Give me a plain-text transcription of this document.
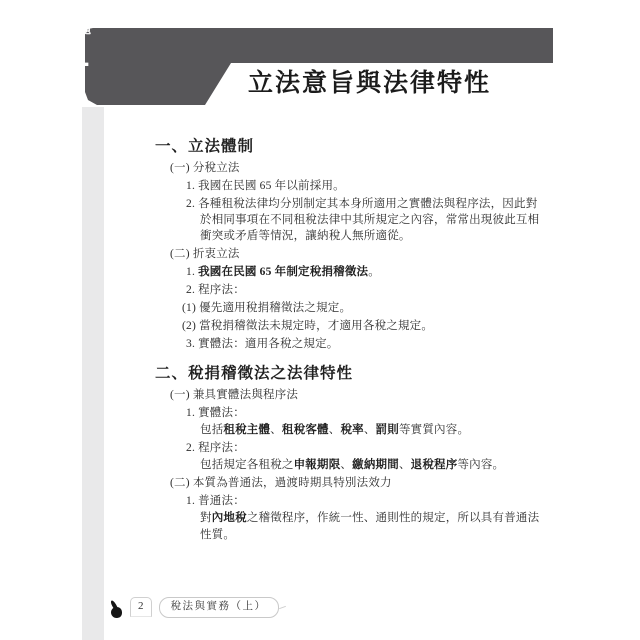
主題
1
立法意旨與法律特性
一、立法體制
(一) 分稅立法
1. 我國在民國 65 年以前採用。
2. 各種租稅法律均分別制定其本身所適用之實體法與程序法，因此對
於相同事項在不同租稅法律中其所規定之內容，常常出現彼此互相
衝突或矛盾等情況，讓納稅人無所適從。
(二) 折衷立法
1. 我國在民國 65 年制定稅捐稽徵法。
2. 程序法：
(1) 優先適用稅捐稽徵法之規定。
(2) 當稅捐稽徵法未規定時，才適用各稅之規定。
3. 實體法：適用各稅之規定。
二、稅捐稽徵法之法律特性
(一) 兼具實體法與程序法
1. 實體法：
包括租稅主體、租稅客體、稅率、罰則等實質內容。
2. 程序法：
包括規定各租稅之申報期限、繳納期間、退稅程序等內容。
(二) 本質為普通法，過渡時期具特別法效力
1. 普通法：
對內地稅之稽徵程序，作統一性、通則性的規定，所以具有普通法
性質。
2	稅法與實務（上）
